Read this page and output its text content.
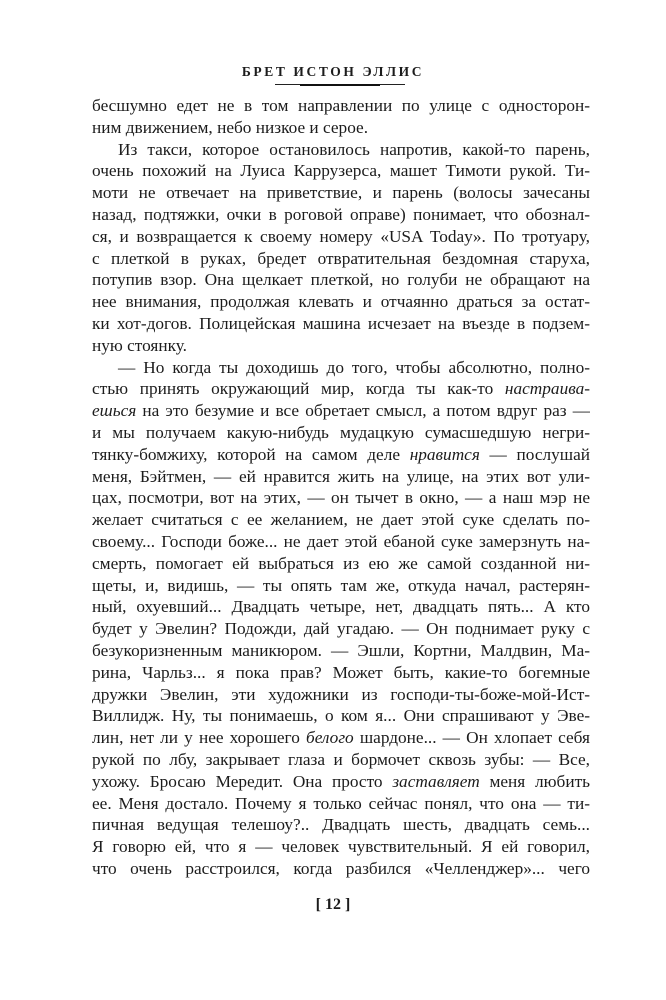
БРЕТ ИСТОН ЭЛЛИС
бесшумно едет не в том направлении по улице с односторон-
ним движением, небо низкое и серое.
Из такси, которое остановилось напротив, какой-то парень,
очень похожий на Луиса Каррузерса, машет Тимоти рукой. Ти-
моти не отвечает на приветствие, и парень (волосы зачесаны
назад, подтяжки, очки в роговой оправе) понимает, что обознал-
ся, и возвращается к своему номеру «USA Today». По тротуару,
с плеткой в руках, бредет отвратительная бездомная старуха,
потупив взор. Она щелкает плеткой, но голуби не обращают на
нее внимания, продолжая клевать и отчаянно драться за остат-
ки хот-догов. Полицейская машина исчезает на въезде в подзем-
ную стоянку.
— Но когда ты доходишь до того, чтобы абсолютно, полно-
стью принять окружающий мир, когда ты как-то настраива-
ешься на это безумие и все обретает смысл, а потом вдруг раз —
и мы получаем какую-нибудь мудацкую сумасшедшую негри-
тянку-бомжиху, которой на самом деле нравится — послушай
меня, Бэйтмен, — ей нравится жить на улице, на этих вот ули-
цах, посмотри, вот на этих, — он тычет в окно, — а наш мэр не
желает считаться с ее желанием, не дает этой суке сделать по-
своему... Господи боже... не дает этой ебаной суке замерзнуть на-
смерть, помогает ей выбраться из ею же самой созданной ни-
щеты, и, видишь, — ты опять там же, откуда начал, растерян-
ный, охуевший... Двадцать четыре, нет, двадцать пять... А кто
будет у Эвелин? Подожди, дай угадаю. — Он поднимает руку с
безукоризненным маникюром. — Эшли, Кортни, Малдвин, Ма-
рина, Чарльз... я пока прав? Может быть, какие-то богемные
дружки Эвелин, эти художники из господи-ты-боже-мой-Ист-
Виллидж. Ну, ты понимаешь, о ком я... Они спрашивают у Эве-
лин, нет ли у нее хорошего белого шардоне... — Он хлопает себя
рукой по лбу, закрывает глаза и бормочет сквозь зубы: — Все,
ухожу. Бросаю Мередит. Она просто заставляет меня любить
ее. Меня достало. Почему я только сейчас понял, что она — ти-
пичная ведущая телешоу?.. Двадцать шесть, двадцать семь...
Я говорю ей, что я — человек чувствительный. Я ей говорил,
что очень расстроился, когда разбился «Челленджер»... чего
[ 12 ]
